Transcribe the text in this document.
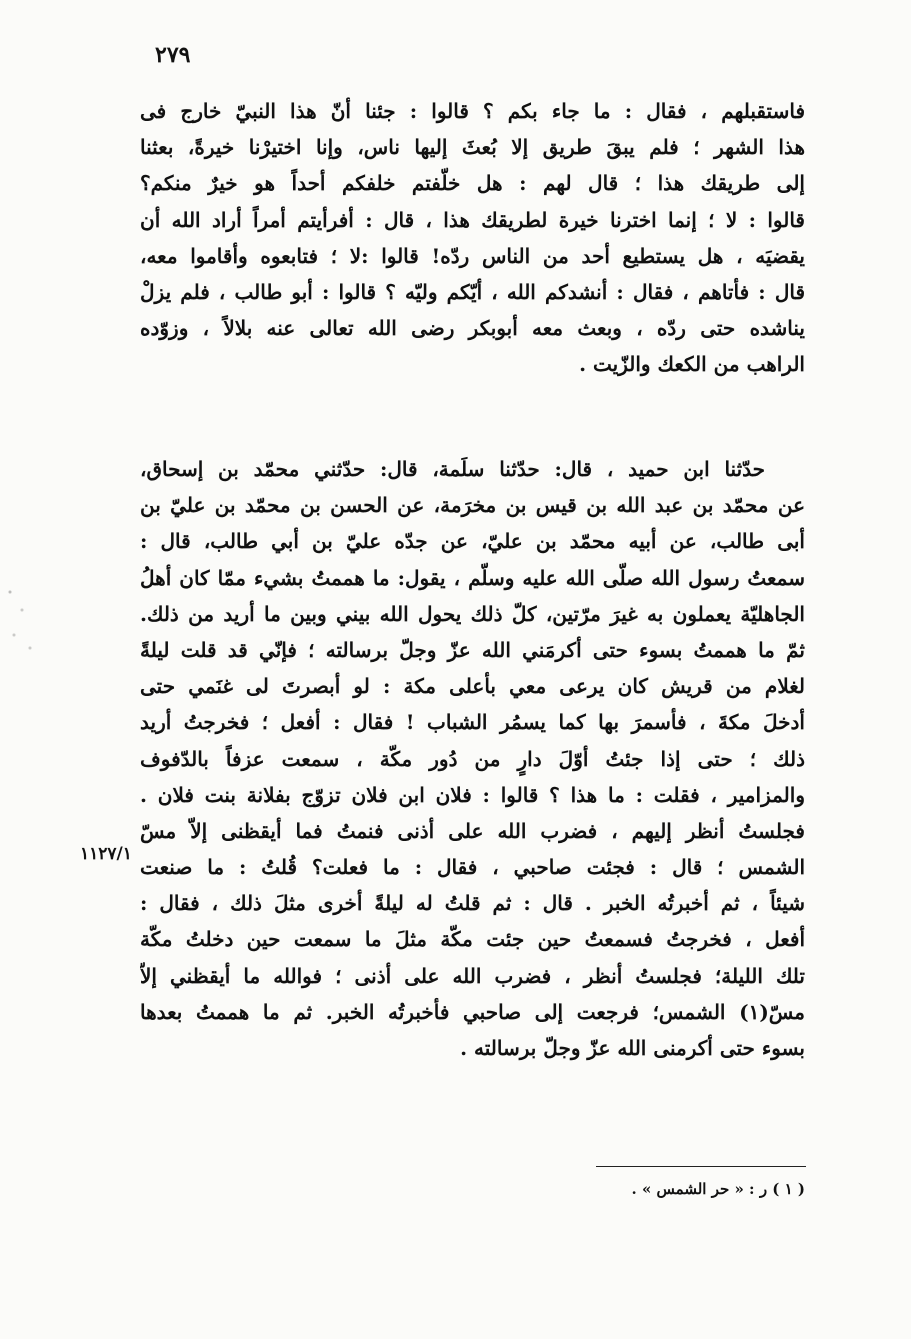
٢٧٩
فاستقبلهم ، فقال : ما جاء بكم ؟ قالوا : جئنا أنّ هذا النبيّ خارج فى
هذا الشهر ؛ فلم يبقَ طريق إلا بُعثَ إليها ناس، وإنا اختيرْنا خيرةً، بعثنا
إلى طريقك هذا ؛ قال لهم : هل خلّفتم خلفكم أحداً هو خيرٌ منكم؟
قالوا : لا ؛ إنما اخترنا خيرة لطريقك هذا ، قال : أفرأيتم أمراً أراد الله أن
يقضيَه ، هل يستطيع أحد من الناس ردّه! قالوا :لا ؛ فتابعوه وأقاموا معه،
قال : فأتاهم ، فقال : أنشدكم الله ، أيّكم وليّه ؟ قالوا : أبو طالب ، فلم يزلْ
يناشده حتى ردّه ، وبعث معه أبوبكر رضى الله تعالى عنه بلالاً ، وزوّده
الراهب من الكعك والزّيت .
حدّثنا ابن حميد ، قال: حدّثنا سلَمة، قال: حدّثني محمّد بن إسحاق،
عن محمّد بن عبد الله بن قيس بن مخرَمة، عن الحسن بن محمّد بن عليّ بن
أبى طالب، عن أبيه محمّد بن عليّ، عن جدّه عليّ بن أبي طالب، قال :
سمعتُ رسول الله صلّى الله عليه وسلّم ، يقول: ما هممتُ بشيء ممّا كان أهلُ
الجاهليّة يعملون به غيرَ مرّتين، كلّ ذلك يحول الله بيني وبين ما أريد من ذلك.
ثمّ ما هممتُ بسوء حتى أكرمَني الله عزّ وجلّ برسالته ؛ فإنّي قد قلت ليلةً
لغلام من قريش كان يرعى معي بأعلى مكة : لو أبصرتَ لى غنَمي حتى
أدخلَ مكةَ ، فأسمرَ بها كما يسمُر الشباب ! فقال : أفعل ؛ فخرجتُ أريد
ذلك ؛ حتى إذا جئتُ أوّلَ دارٍ من دُور مكّة ، سمعت عزفاً بالدّفوف
والمزامير ، فقلت : ما هذا ؟ قالوا : فلان ابن فلان تزوّج بفلانة بنت فلان .
فجلستُ أنظر إليهم ، فضرب الله على أذنى فنمتُ فما أيقظنى إلاّ مسّ
الشمس ؛ قال : فجئت صاحبي ، فقال : ما فعلت؟ قُلتُ : ما صنعت
شيئاً ، ثم أخبرتُه الخبر . قال : ثم قلتُ له ليلةً أخرى مثلَ ذلك ، فقال :
أفعل ، فخرجتُ فسمعتُ حين جئت مكّة مثلَ ما سمعت حين دخلتُ مكّة
تلك الليلة؛ فجلستُ أنظر ، فضرب الله على أذنى ؛ فوالله ما أيقظني إلاّ
مسّ(١) الشمس؛ فرجعت إلى صاحبي فأخبرتُه الخبر. ثم ما هممتُ بعدها
بسوء حتى أكرمنى الله عزّ وجلّ برسالته .
١١٢٧/١
( ١ ) ر : « حر الشمس » .
